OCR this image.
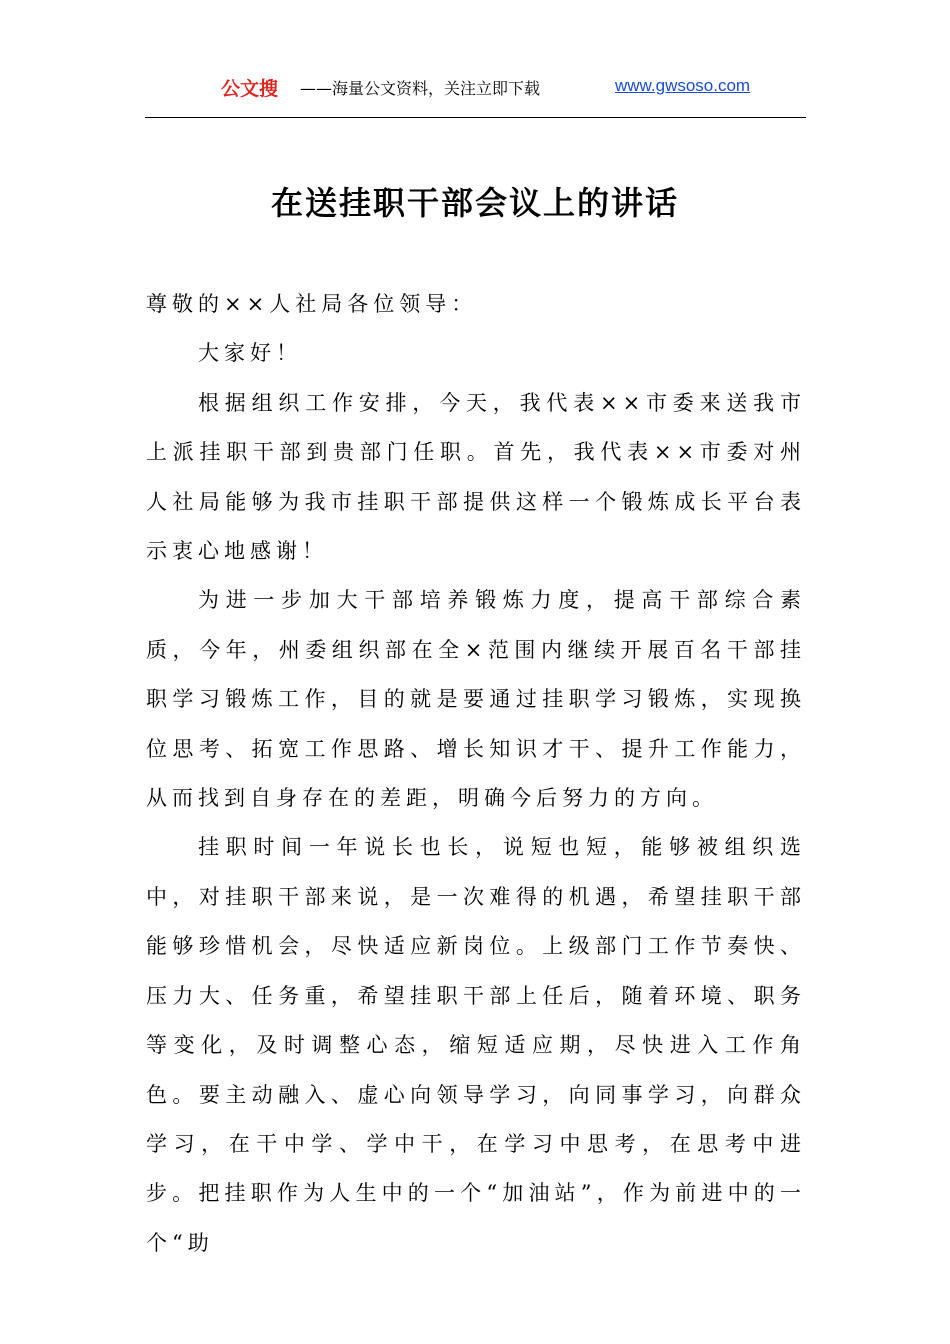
公文搜 ——海量公文资料，关注立即下载	www.gwsoso.com
在送挂职干部会议上的讲话

尊敬的××人社局各位领导：

大家好！

根据组织工作安排，今天，我代表××市委来送我市上派挂职干部到贵部门任职。首先，我代表××市委对州人社局能够为我市挂职干部提供这样一个锻炼成长平台表示衷心地感谢！

为进一步加大干部培养锻炼力度，提高干部综合素质，今年，州委组织部在全×范围内继续开展百名干部挂职学习锻炼工作，目的就是要通过挂职学习锻炼，实现换位思考、拓宽工作思路、增长知识才干、提升工作能力，从而找到自身存在的差距，明确今后努力的方向。

挂职时间一年说长也长，说短也短，能够被组织选中，对挂职干部来说，是一次难得的机遇，希望挂职干部能够珍惜机会，尽快适应新岗位。上级部门工作节奏快、压力大、任务重，希望挂职干部上任后，随着环境、职务等变化，及时调整心态，缩短适应期，尽快进入工作角色。要主动融入、虚心向领导学习，向同事学习，向群众学习，在干中学、学中干，在学习中思考，在思考中进步。把挂职作为人生中的一个“加油站”，作为前进中的一个“助
